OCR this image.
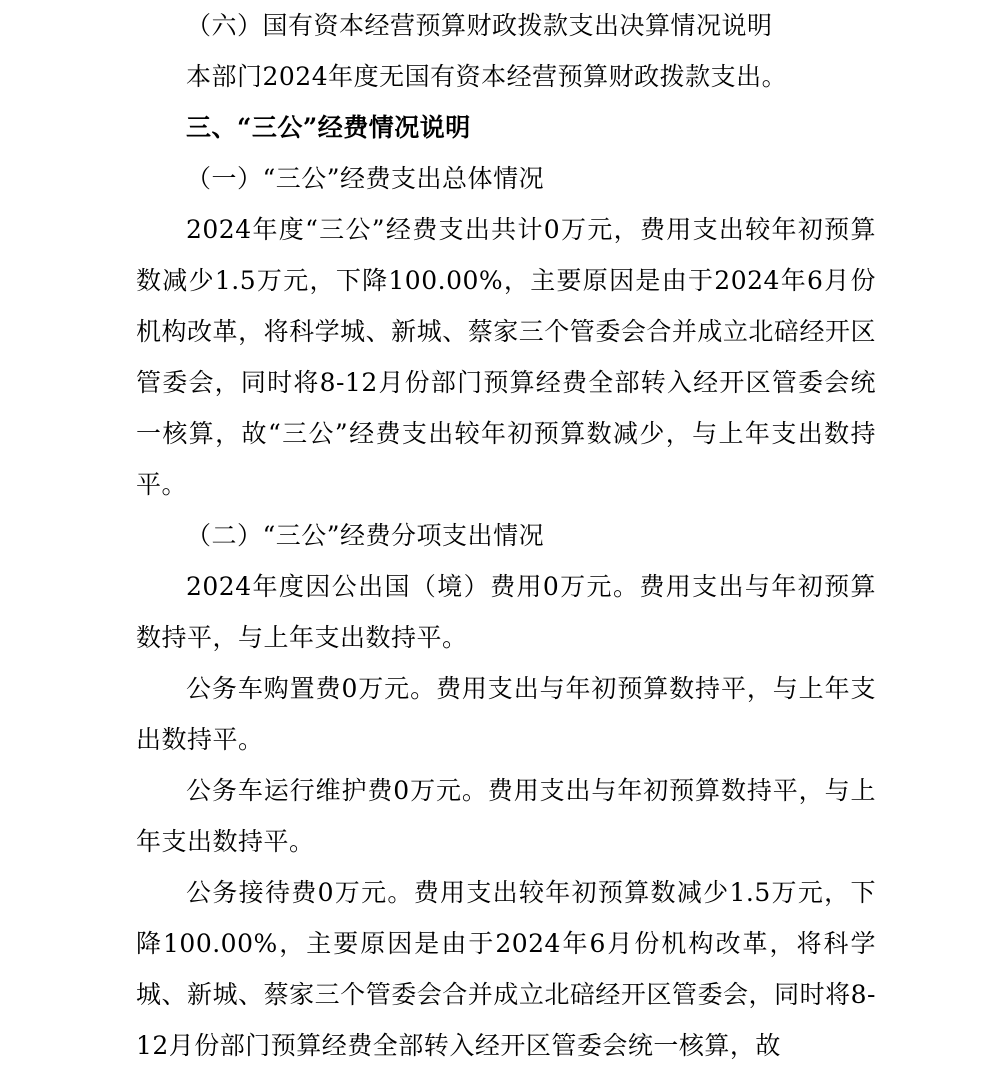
（六）国有资本经营预算财政拨款支出决算情况说明

本部门2024年度无国有资本经营预算财政拨款支出。

三、“三公”经费情况说明

（一）“三公”经费支出总体情况

2024年度“三公”经费支出共计0万元，费用支出较年初预算数减少1.5万元，下降100.00%，主要原因是由于2024年6月份机构改革，将科学城、新城、蔡家三个管委会合并成立北碚经开区管委会，同时将8-12月份部门预算经费全部转入经开区管委会统一核算，故“三公”经费支出较年初预算数减少，与上年支出数持平。

（二）“三公”经费分项支出情况

2024年度因公出国（境）费用0万元。费用支出与年初预算数持平，与上年支出数持平。

公务车购置费0万元。费用支出与年初预算数持平，与上年支出数持平。

公务车运行维护费0万元。费用支出与年初预算数持平，与上年支出数持平。

公务接待费0万元。费用支出较年初预算数减少1.5万元，下降100.00%，主要原因是由于2024年6月份机构改革，将科学城、新城、蔡家三个管委会合并成立北碚经开区管委会，同时将8-12月份部门预算经费全部转入经开区管委会统一核算，故
